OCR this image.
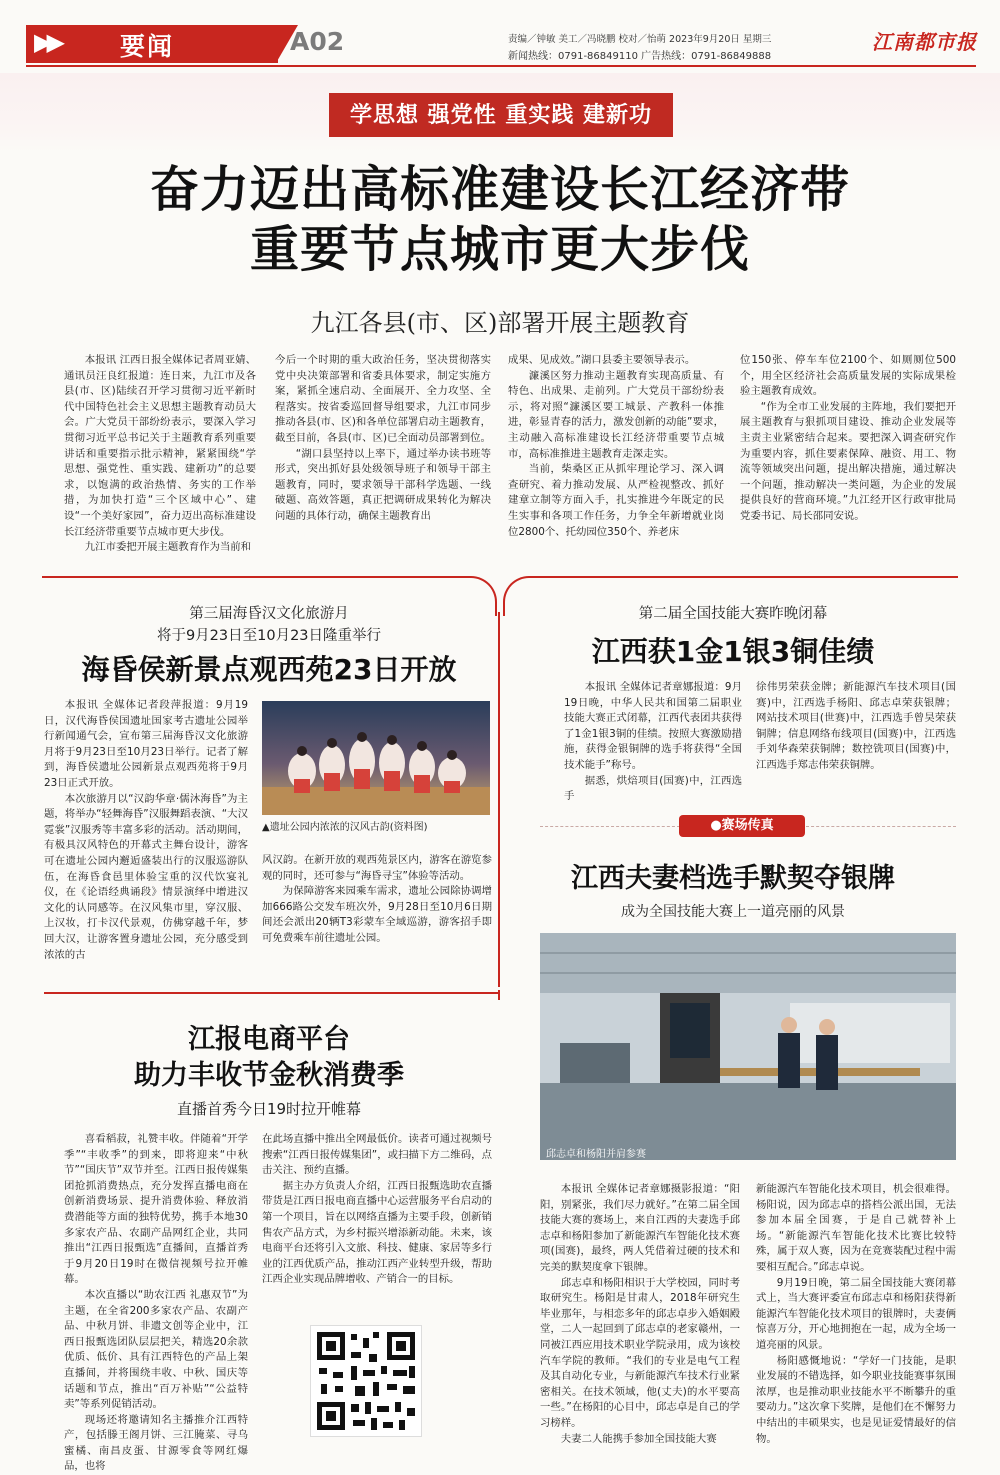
▶▶ 要闻	A02	责编／钟敏 美工／冯晓鹏 校对／怡萌 2023年9月20日 星期三
新闻热线：0791-86849110 广告热线：0791-86849888
江南都市报
学思想 强党性 重实践 建新功
奋力迈出高标准建设长江经济带
重要节点城市更大步伐
九江各县(市、区)部署开展主题教育

本报讯 江西日报全媒体记者周亚婧、通讯员汪良红报道：连日来，九江市及各县(市、区)陆续召开学习贯彻习近平新时代中国特色社会主义思想主题教育动员大会。广大党员干部纷纷表示，要深入学习贯彻习近平总书记关于主题教育系列重要讲话和重要指示批示精神，紧紧围绕“学思想、强党性、重实践、建新功”的总要求，以饱满的政治热情、务实的工作举措，为加快打造“三个区域中心”、建设“一个美好家园”，奋力迈出高标准建设长江经济带重要节点城市更大步伐。

九江市委把开展主题教育作为当前和

今后一个时期的重大政治任务，坚决贯彻落实党中央决策部署和省委具体要求，制定实施方案，紧抓全速启动、全面展开、全力攻坚、全程落实。按省委巡回督导组要求，九江市同步推动各县(市、区)和各单位部署启动主题教育，截至目前，各县(市、区)已全面动员部署到位。

“湖口县坚持以上率下，通过举办读书班等形式，突出抓好县处级领导班子和领导干部主题教育，同时，要求领导干部科学选题、一线破题、高效答题，真正把调研成果转化为解决问题的具体行动，确保主题教育出

成果、见成效。”湖口县委主要领导表示。

濂溪区努力推动主题教育实现高质量、有特色、出成果、走前列。广大党员干部纷纷表示，将对照“濂溪区要工城景、产教科一体推进，彰显青春的活力，激发创新的动能”要求，主动融入高标准建设长江经济带重要节点城市，高标准推进主题教育走深走实。

当前，柴桑区正从抓牢理论学习、深入调查研究、着力推动发展、从严检视整改、抓好建章立制等方面入手，扎实推进今年既定的民生实事和各项工作任务，力争全年新增就业岗位2800个、托幼园位350个、养老床

位150张、停车车位2100个、如厕厕位500个，用全区经济社会高质量发展的实际成果检验主题教育成效。

“作为全市工业发展的主阵地，我们要把开展主题教育与狠抓项目建设、推动企业发展等主责主业紧密结合起来。要把深入调查研究作为重要内容，抓住要素保障、融资、用工、物流等领域突出问题，提出解决措施，通过解决一个问题，推动解决一类问题，为企业的发展提供良好的营商环境。”九江经开区行政审批局党委书记、局长邵同安说。

第三届海昏汉文化旅游月
将于9月23日至10月23日隆重举行
海昏侯新景点观西苑23日开放

本报讯 全媒体记者段萍报道：9月19日，汉代海昏侯国遗址国家考古遗址公园举行新闻通气会，宣布第三届海昏汉文化旅游月将于9月23日至10月23日举行。记者了解到，海昏侯遗址公园新景点观西苑将于9月23日正式开放。

本次旅游月以“汉韵华章·儒沐海昏”为主题，将举办“轻舞海昏”汉服舞蹈表演、“大汉霓裳”汉服秀等丰富多彩的活动。活动期间，有极具汉风特色的开幕式主舞台设计，游客可在遗址公园内邂逅盛装出行的汉服巡游队伍，在海昏食邑里体验宝重的汉代饮宴礼仪，在《论语经典诵段》情景演绎中增进汉文化的认同感等。在汉风集市里，穿汉服、上汉妆，打卡汉代景观，仿佛穿越千年，梦回大汉，让游客置身遗址公园，充分感受到浓浓的古

▲遗址公园内浓浓的汉风古韵(资料图)

风汉韵。在新开放的观西苑景区内，游客在游览参观的同时，还可参与“海昏寻宝”体验等活动。

为保障游客来园乘车需求，遗址公园除协调增加666路公交发车班次外，9月28日至10月6日期间还会派出20辆T3彩蒙车全域巡游，游客招手即可免费乘车前往遗址公园。

第二届全国技能大赛昨晚闭幕
江西获1金1银3铜佳绩

本报讯 全媒体记者章娜报道：9月19日晚，中华人民共和国第二届职业技能大赛正式闭幕，江西代表团共获得了1金1银3铜的佳绩。按照大赛激励措施，获得金银铜牌的选手将获得“全国技术能手”称号。

据悉，烘焙项目(国赛)中，江西选手

徐伟男荣获金牌；新能源汽车技术项目(国赛)中，江西选手杨阳、邱志卓荣获银牌；网站技术项目(世赛)中，江西选手曾昊荣获铜牌；信息网络布线项目(国赛)中，江西选手刘华森荣获铜牌；数控铣项目(国赛)中，江西选手郑志伟荣获铜牌。

●赛场传真
江西夫妻档选手默契夺银牌
成为全国技能大赛上一道亮丽的风景
邱志卓和杨阳并肩参赛

本报讯 全媒体记者章娜摄影报道：“阳阳，别紧张，我们尽力就好。”在第二届全国技能大赛的赛场上，来自江西的夫妻选手邱志卓和杨阳参加了新能源汽车智能化技术赛项(国赛)，最终，两人凭借着过硬的技术和完美的默契度拿下银牌。

邱志卓和杨阳相识于大学校园，同时考取研究生。杨阳是甘肃人，2018年研究生毕业那年，与相恋多年的邱志卓步入婚姻殿堂，二人一起回到了邱志卓的老家赣州，一同被江西应用技术职业学院录用，成为该校汽车学院的教师。“我们的专业是电气工程及其自动化专业，与新能源汽车技术行业紧密相关。在技术领域，他(丈夫)的水平要高一些。”在杨阳的心目中，邱志卓是自己的学习榜样。

夫妻二人能携手参加全国技能大赛

新能源汽车智能化技术项目，机会很难得。杨阳说，因为邱志卓的搭档公派出国，无法参加本届全国赛，于是自己就替补上场。“新能源汽车智能化技术比赛比较特殊，属于双人赛，因为在竞赛装配过程中需要相互配合。”邱志卓说。

9月19日晚，第二届全国技能大赛闭幕式上，当大赛评委宣布邱志卓和杨阳获得新能源汽车智能化技术项目的银牌时，夫妻俩惊喜万分，开心地拥抱在一起，成为全场一道亮丽的风景。

杨阳感慨地说：“学好一门技能，是职业发展的不错选择，如今职业技能赛事氛围浓厚，也是推动职业技能水平不断攀升的重要动力。”这次拿下奖牌，是他们在不懈努力中结出的丰硕果实，也是见证爱情最好的信物。

江报电商平台
助力丰收节金秋消费季
直播首秀今日19时拉开帷幕

喜看稻菽，礼赞丰收。伴随着“开学季”“丰收季”的到来，即将迎来“中秋节”“国庆节”双节并至。江西日报传媒集团抢抓消费热点，充分发挥直播电商在创新消费场景、提升消费体验、释放消费潜能等方面的独特优势，携手本地30多家农产品、农副产品网红企业，共同推出“江西日报甄选”直播间，直播首秀于9月20日19时在微信视频号拉开帷幕。

本次直播以“助农江西 礼惠双节”为主题，在全省200多家农产品、农副产品、中秋月饼、非遗文创等企业中，江西日报甄选团队层层把关，精选20余款优质、低价、具有江西特色的产品上架直播间，并将围绕丰收、中秋、国庆等话题和节点，推出“百万补贴”“公益特卖”等系列促销活动。

现场还将邀请知名主播推介江西特产，包括滕王阁月饼、三江腌菜、寻乌蜜橘、南昌皮蛋、甘源零食等网红爆品，也将

在此场直播中推出全网最低价。读者可通过视频号搜索“江西日报传媒集团”，或扫描下方二维码，点击关注、预约直播。

据主办方负责人介绍，江西日报甄选助农直播带货是江西日报电商直播中心运营服务平台启动的第一个项目，旨在以网络直播为主要手段，创新销售农产品方式，为乡村振兴增添新动能。未来，该电商平台还将引入文旅、科技、健康、家居等多行业的江西优质产品，推动江西产业转型升级，帮助江西企业实现品牌增收、产销合一的目标。
